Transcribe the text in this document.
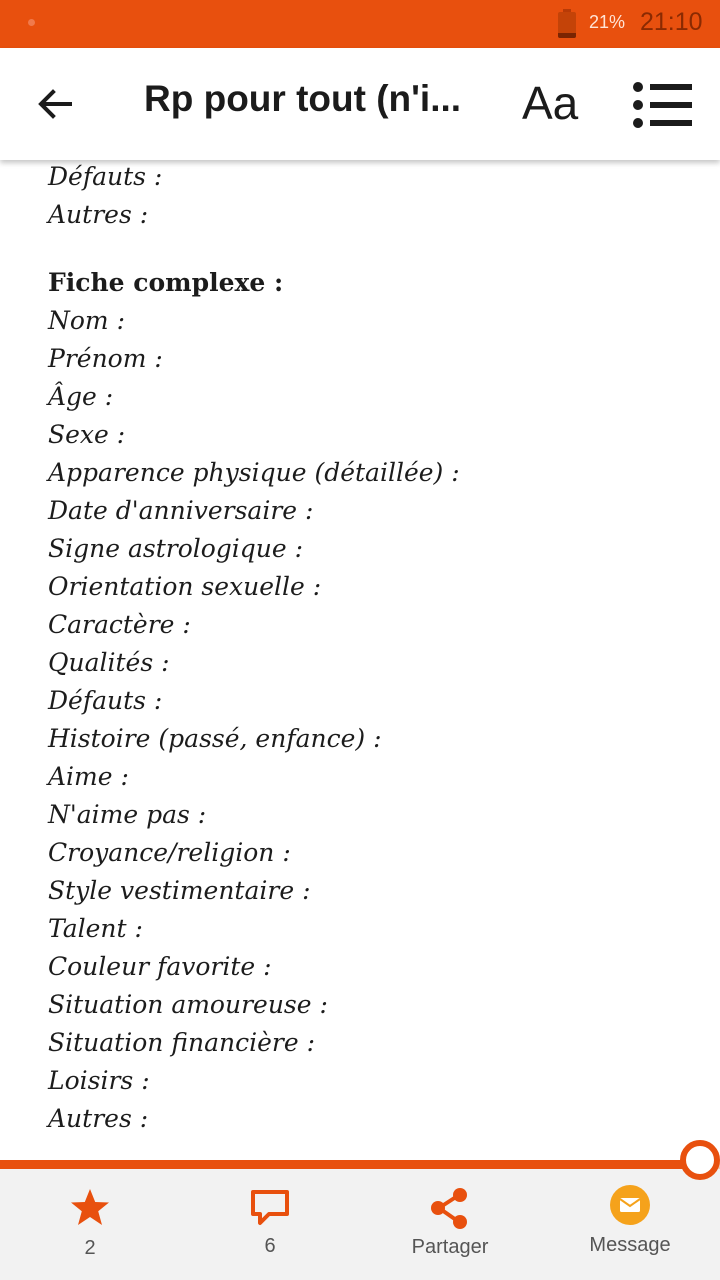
21% 21:10
Rp pour tout (n'i... Aa
Défauts :
Autres :
Fiche complexe :
Nom :
Prénom :
Âge :
Sexe :
Apparence physique (détaillée) :
Date d'anniversaire :
Signe astrologique :
Orientation sexuelle :
Caractère :
Qualités :
Défauts :
Histoire (passé, enfance) :
Aime :
N'aime pas :
Croyance/religion :
Style vestimentaire :
Talent :
Couleur favorite :
Situation amoureuse :
Situation financière :
Loisirs :
Autres :
2	6	Partager	Message
